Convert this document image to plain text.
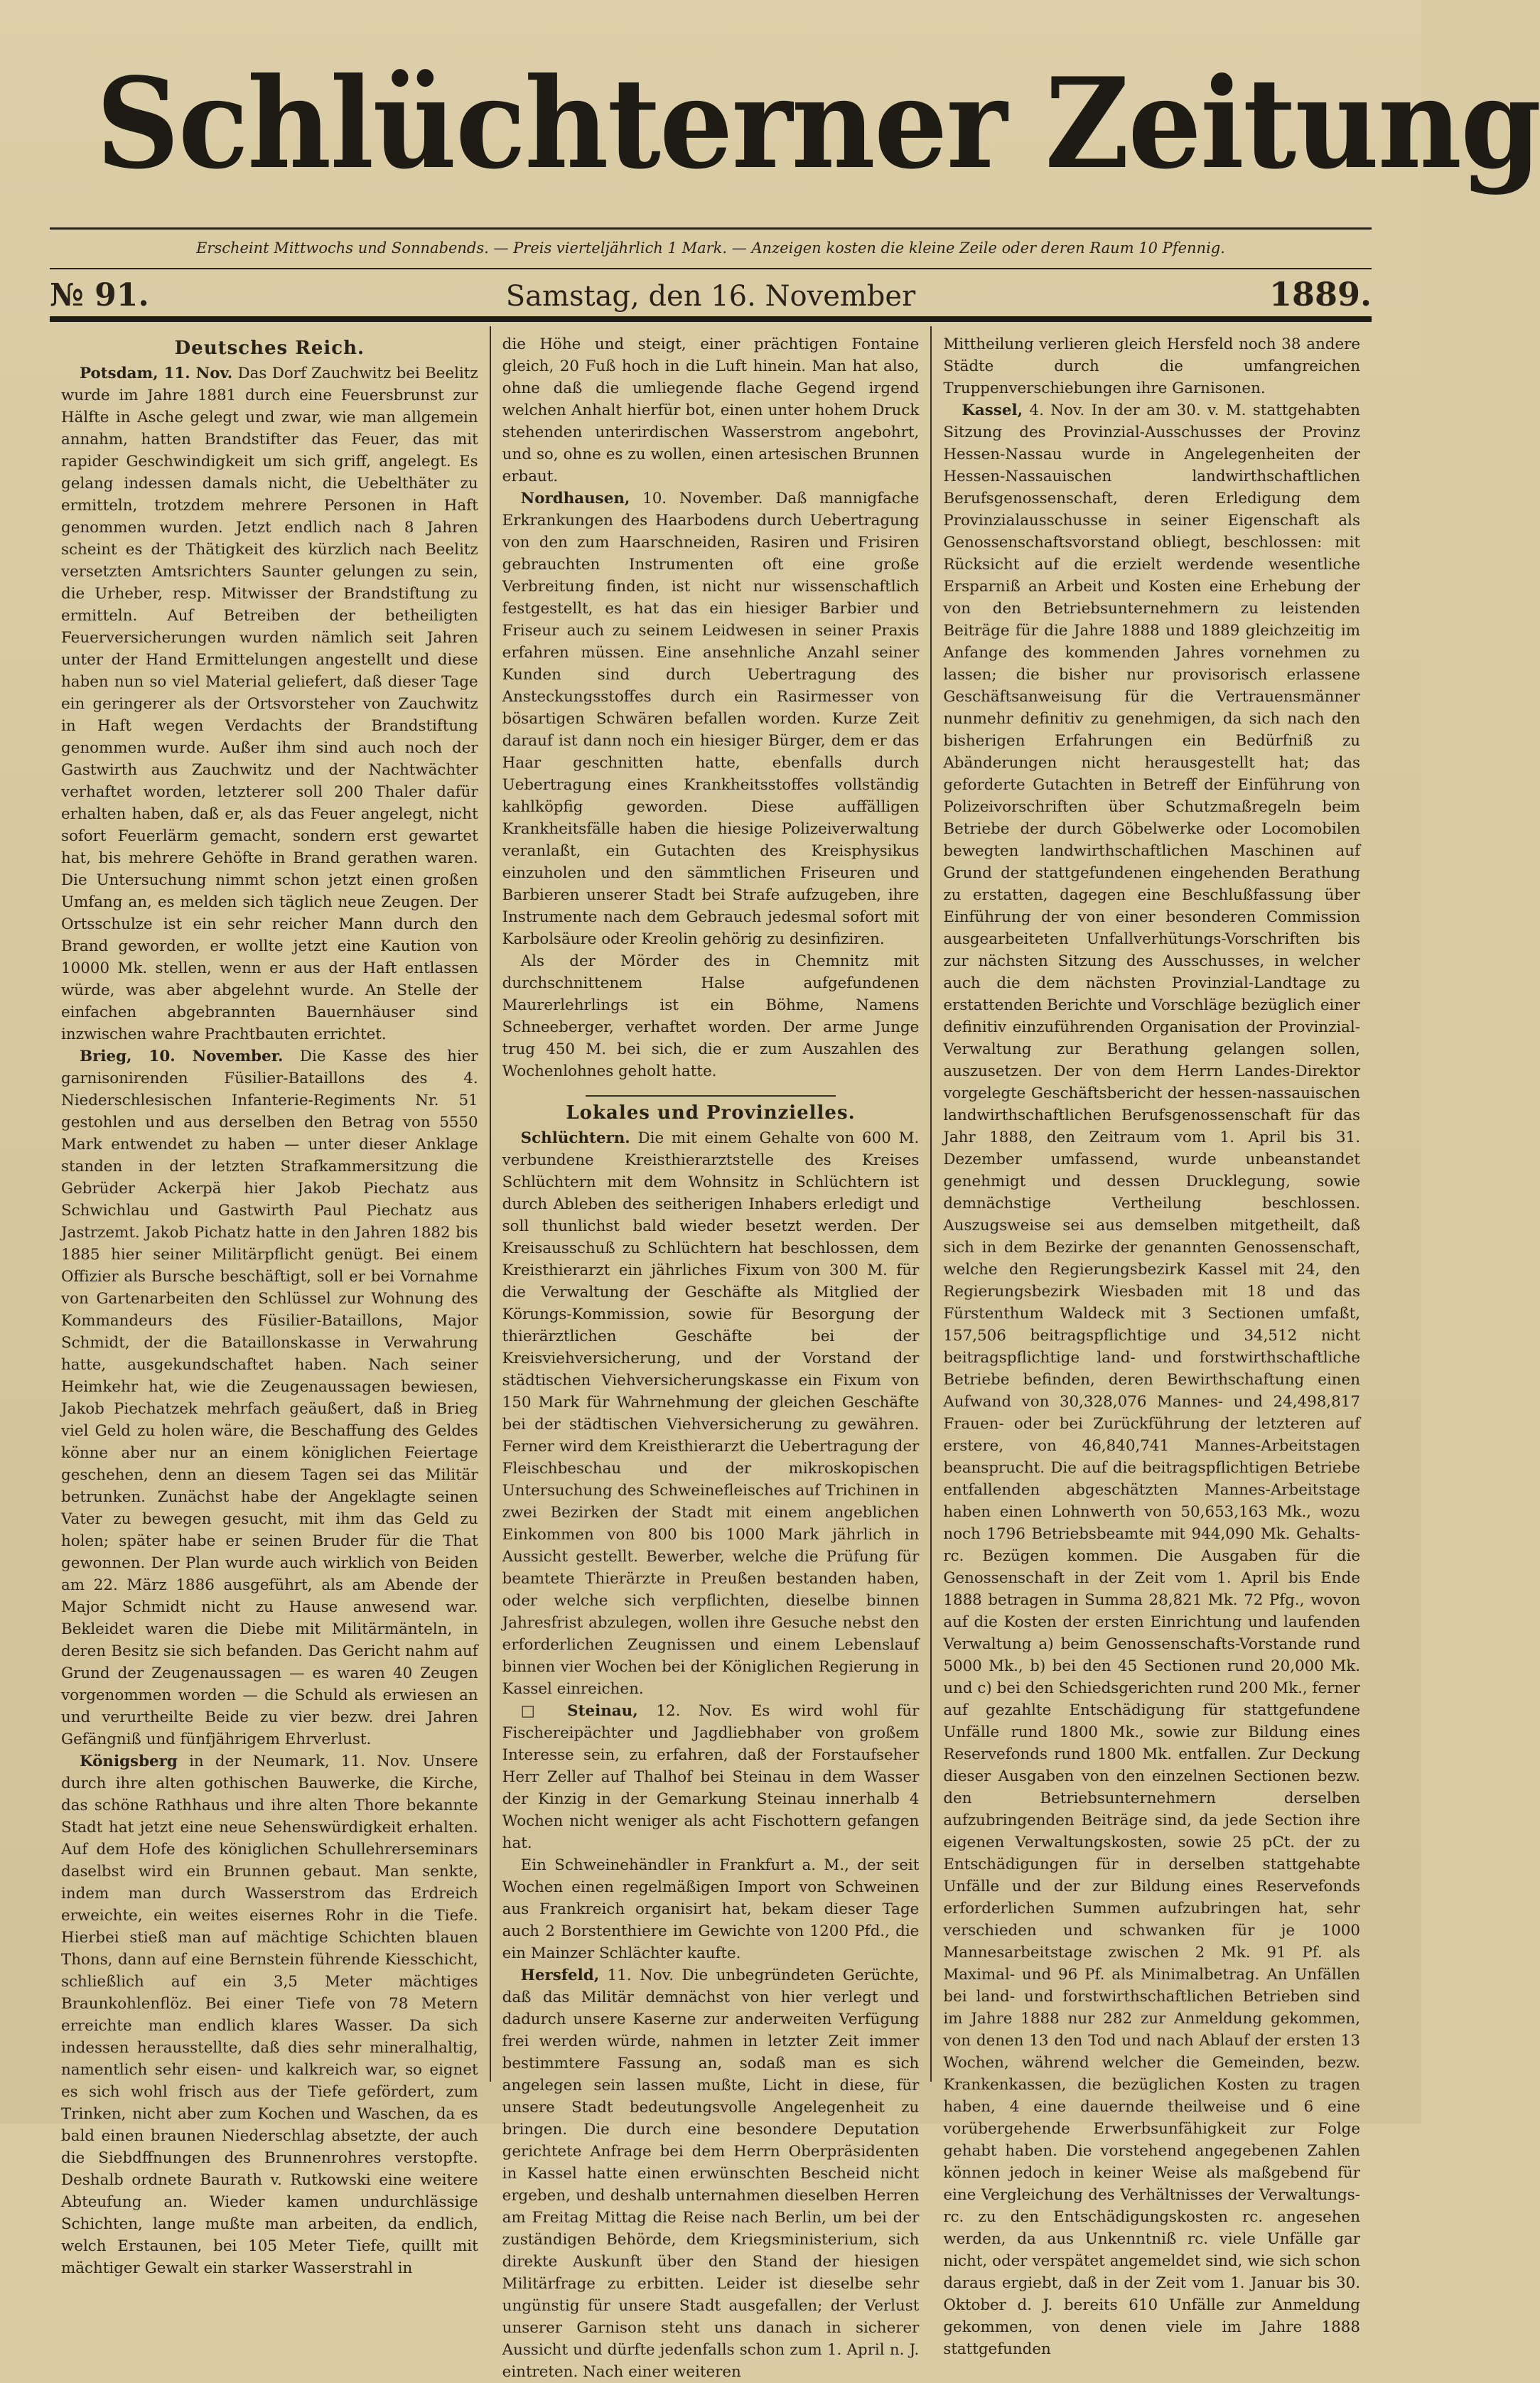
Schlüchterner Zeitung
Erscheint Mittwochs und Sonnabends. — Preis vierteljährlich 1 Mark. — Anzeigen kosten die kleine Zeile oder deren Raum 10 Pfennig.
№ 91.	Samstag, den 16. November	1889.
Deutsches Reich.

Potsdam, 11. Nov. Das Dorf Zauchwitz bei Beelitz wurde im Jahre 1881 durch eine Feuersbrunst zur Hälfte in Asche gelegt und zwar, wie man allgemein annahm, hatten Brandstifter das Feuer, das mit rapider Geschwindigkeit um sich griff, angelegt. Es gelang indessen damals nicht, die Uebelthäter zu ermitteln, trotzdem mehrere Personen in Haft genommen wurden. Jetzt endlich nach 8 Jahren scheint es der Thätigkeit des kürzlich nach Beelitz versetzten Amtsrichters Saunter gelungen zu sein, die Urheber, resp. Mitwisser der Brandstiftung zu ermitteln. Auf Betreiben der betheiligten Feuerversicherungen wurden nämlich seit Jahren unter der Hand Ermittelungen angestellt und diese haben nun so viel Material geliefert, daß dieser Tage ein geringerer als der Ortsvorsteher von Zauchwitz in Haft wegen Verdachts der Brandstiftung genommen wurde. Außer ihm sind auch noch der Gastwirth aus Zauchwitz und der Nachtwächter verhaftet worden, letzterer soll 200 Thaler dafür erhalten haben, daß er, als das Feuer angelegt, nicht sofort Feuerlärm gemacht, sondern erst gewartet hat, bis mehrere Gehöfte in Brand gerathen waren. Die Untersuchung nimmt schon jetzt einen großen Umfang an, es melden sich täglich neue Zeugen. Der Ortsschulze ist ein sehr reicher Mann durch den Brand geworden, er wollte jetzt eine Kaution von 10000 Mk. stellen, wenn er aus der Haft entlassen würde, was aber abgelehnt wurde. An Stelle der einfachen abgebrannten Bauernhäuser sind inzwischen wahre Prachtbauten errichtet.

Brieg, 10. November. Die Kasse des hier garnisonirenden Füsilier-Bataillons des 4. Niederschlesischen Infanterie-Regiments Nr. 51 gestohlen und aus derselben den Betrag von 5550 Mark entwendet zu haben — unter dieser Anklage standen in der letzten Strafkammersitzung die Gebrüder Ackerpä hier Jakob Piechatz aus Schwichlau und Gastwirth Paul Piechatz aus Jastrzemt. Jakob Pichatz hatte in den Jahren 1882 bis 1885 hier seiner Militärpflicht genügt. Bei einem Offizier als Bursche beschäftigt, soll er bei Vornahme von Gartenarbeiten den Schlüssel zur Wohnung des Kommandeurs des Füsilier-Bataillons, Major Schmidt, der die Bataillonskasse in Verwahrung hatte, ausgekundschaftet haben. Nach seiner Heimkehr hat, wie die Zeugenaussagen bewiesen, Jakob Piechatzek mehrfach geäußert, daß in Brieg viel Geld zu holen wäre, die Beschaffung des Geldes könne aber nur an einem königlichen Feiertage geschehen, denn an diesem Tagen sei das Militär betrunken. Zunächst habe der Angeklagte seinen Vater zu bewegen gesucht, mit ihm das Geld zu holen; später habe er seinen Bruder für die That gewonnen. Der Plan wurde auch wirklich von Beiden am 22. März 1886 ausgeführt, als am Abende der Major Schmidt nicht zu Hause anwesend war. Bekleidet waren die Diebe mit Militärmänteln, in deren Besitz sie sich befanden. Das Gericht nahm auf Grund der Zeugenaussagen — es waren 40 Zeugen vorgenommen worden — die Schuld als erwiesen an und verurtheilte Beide zu vier bezw. drei Jahren Gefängniß und fünfjährigem Ehrverlust.

Königsberg in der Neumark, 11. Nov. Unsere durch ihre alten gothischen Bauwerke, die Kirche, das schöne Rathhaus und ihre alten Thore bekannte Stadt hat jetzt eine neue Sehenswürdigkeit erhalten. Auf dem Hofe des königlichen Schullehrerseminars daselbst wird ein Brunnen gebaut. Man senkte, indem man durch Wasserstrom das Erdreich erweichte, ein weites eisernes Rohr in die Tiefe. Hierbei stieß man auf mächtige Schichten blauen Thons, dann auf eine Bernstein führende Kiesschicht, schließlich auf ein 3,5 Meter mächtiges Braunkohlenflöz. Bei einer Tiefe von 78 Metern erreichte man endlich klares Wasser. Da sich indessen herausstellte, daß dies sehr mineralhaltig, namentlich sehr eisen- und kalkreich war, so eignet es sich wohl frisch aus der Tiefe gefördert, zum Trinken, nicht aber zum Kochen und Waschen, da es bald einen braunen Niederschlag absetzte, der auch die Siebdffnungen des Brunnenrohres verstopfte. Deshalb ordnete Baurath v. Rutkowski eine weitere Abteufung an. Wieder kamen undurchlässige Schichten, lange mußte man arbeiten, da endlich, welch Erstaunen, bei 105 Meter Tiefe, quillt mit mächtiger Gewalt ein starker Wasserstrahl in

die Höhe und steigt, einer prächtigen Fontaine gleich, 20 Fuß hoch in die Luft hinein. Man hat also, ohne daß die umliegende flache Gegend irgend welchen Anhalt hierfür bot, einen unter hohem Druck stehenden unterirdischen Wasserstrom angebohrt, und so, ohne es zu wollen, einen artesischen Brunnen erbaut.

Nordhausen, 10. November. Daß mannigfache Erkrankungen des Haarbodens durch Uebertragung von den zum Haarschneiden, Rasiren und Frisiren gebrauchten Instrumenten oft eine große Verbreitung finden, ist nicht nur wissenschaftlich festgestellt, es hat das ein hiesiger Barbier und Friseur auch zu seinem Leidwesen in seiner Praxis erfahren müssen. Eine ansehnliche Anzahl seiner Kunden sind durch Uebertragung des Ansteckungsstoffes durch ein Rasirmesser von bösartigen Schwären befallen worden. Kurze Zeit darauf ist dann noch ein hiesiger Bürger, dem er das Haar geschnitten hatte, ebenfalls durch Uebertragung eines Krankheitsstoffes vollständig kahlköpfig geworden. Diese auffälligen Krankheitsfälle haben die hiesige Polizeiverwaltung veranlaßt, ein Gutachten des Kreisphysikus einzuholen und den sämmtlichen Friseuren und Barbieren unserer Stadt bei Strafe aufzugeben, ihre Instrumente nach dem Gebrauch jedesmal sofort mit Karbolsäure oder Kreolin gehörig zu desinfiziren.

Als der Mörder des in Chemnitz mit durchschnittenem Halse aufgefundenen Maurerlehrlings ist ein Böhme, Namens Schneeberger, verhaftet worden. Der arme Junge trug 450 M. bei sich, die er zum Auszahlen des Wochenlohnes geholt hatte.

Lokales und Provinzielles.

Schlüchtern. Die mit einem Gehalte von 600 M. verbundene Kreisthierarztstelle des Kreises Schlüchtern mit dem Wohnsitz in Schlüchtern ist durch Ableben des seitherigen Inhabers erledigt und soll thunlichst bald wieder besetzt werden. Der Kreisausschuß zu Schlüchtern hat beschlossen, dem Kreisthierarzt ein jährliches Fixum von 300 M. für die Verwaltung der Geschäfte als Mitglied der Körungs-Kommission, sowie für Besorgung der thierärztlichen Geschäfte bei der Kreisviehversicherung, und der Vorstand der städtischen Viehversicherungskasse ein Fixum von 150 Mark für Wahrnehmung der gleichen Geschäfte bei der städtischen Viehversicherung zu gewähren. Ferner wird dem Kreisthierarzt die Uebertragung der Fleischbeschau und der mikroskopischen Untersuchung des Schweinefleisches auf Trichinen in zwei Bezirken der Stadt mit einem angeblichen Einkommen von 800 bis 1000 Mark jährlich in Aussicht gestellt. Bewerber, welche die Prüfung für beamtete Thierärzte in Preußen bestanden haben, oder welche sich verpflichten, dieselbe binnen Jahresfrist abzulegen, wollen ihre Gesuche nebst den erforderlichen Zeugnissen und einem Lebenslauf binnen vier Wochen bei der Königlichen Regierung in Kassel einreichen.

□ Steinau, 12. Nov. Es wird wohl für Fischereipächter und Jagdliebhaber von großem Interesse sein, zu erfahren, daß der Forstaufseher Herr Zeller auf Thalhof bei Steinau in dem Wasser der Kinzig in der Gemarkung Steinau innerhalb 4 Wochen nicht weniger als acht Fischottern gefangen hat.

Ein Schweinehändler in Frankfurt a. M., der seit Wochen einen regelmäßigen Import von Schweinen aus Frankreich organisirt hat, bekam dieser Tage auch 2 Borstenthiere im Gewichte von 1200 Pfd., die ein Mainzer Schlächter kaufte.

Hersfeld, 11. Nov. Die unbegründeten Gerüchte, daß das Militär demnächst von hier verlegt und dadurch unsere Kaserne zur anderweiten Verfügung frei werden würde, nahmen in letzter Zeit immer bestimmtere Fassung an, sodaß man es sich angelegen sein lassen mußte, Licht in diese, für unsere Stadt bedeutungsvolle Angelegenheit zu bringen. Die durch eine besondere Deputation gerichtete Anfrage bei dem Herrn Oberpräsidenten in Kassel hatte einen erwünschten Bescheid nicht ergeben, und deshalb unternahmen dieselben Herren am Freitag Mittag die Reise nach Berlin, um bei der zuständigen Behörde, dem Kriegsministerium, sich direkte Auskunft über den Stand der hiesigen Militärfrage zu erbitten. Leider ist dieselbe sehr ungünstig für unsere Stadt ausgefallen; der Verlust unserer Garnison steht uns danach in sicherer Aussicht und dürfte jedenfalls schon zum 1. April n. J. eintreten. Nach einer weiteren

Mittheilung verlieren gleich Hersfeld noch 38 andere Städte durch die umfangreichen Truppenverschiebungen ihre Garnisonen.

Kassel, 4. Nov. In der am 30. v. M. stattgehabten Sitzung des Provinzial-Ausschusses der Provinz Hessen-Nassau wurde in Angelegenheiten der Hessen-Nassauischen landwirthschaftlichen Berufsgenossenschaft, deren Erledigung dem Provinzialausschusse in seiner Eigenschaft als Genossenschaftsvorstand obliegt, beschlossen: mit Rücksicht auf die erzielt werdende wesentliche Ersparniß an Arbeit und Kosten eine Erhebung der von den Betriebsunternehmern zu leistenden Beiträge für die Jahre 1888 und 1889 gleichzeitig im Anfange des kommenden Jahres vornehmen zu lassen; die bisher nur provisorisch erlassene Geschäftsanweisung für die Vertrauensmänner nunmehr definitiv zu genehmigen, da sich nach den bisherigen Erfahrungen ein Bedürfniß zu Abänderungen nicht herausgestellt hat; das geforderte Gutachten in Betreff der Einführung von Polizeivorschriften über Schutzmaßregeln beim Betriebe der durch Göbelwerke oder Locomobilen bewegten landwirthschaftlichen Maschinen auf Grund der stattgefundenen eingehenden Berathung zu erstatten, dagegen eine Beschlußfassung über Einführung der von einer besonderen Commission ausgearbeiteten Unfallverhütungs-Vorschriften bis zur nächsten Sitzung des Ausschusses, in welcher auch die dem nächsten Provinzial-Landtage zu erstattenden Berichte und Vorschläge bezüglich einer definitiv einzuführenden Organisation der Provinzial-Verwaltung zur Berathung gelangen sollen, auszusetzen. Der von dem Herrn Landes-Direktor vorgelegte Geschäftsbericht der hessen-nassauischen landwirthschaftlichen Berufsgenossenschaft für das Jahr 1888, den Zeitraum vom 1. April bis 31. Dezember umfassend, wurde unbeanstandet genehmigt und dessen Drucklegung, sowie demnächstige Vertheilung beschlossen. Auszugsweise sei aus demselben mitgetheilt, daß sich in dem Bezirke der genannten Genossenschaft, welche den Regierungsbezirk Kassel mit 24, den Regierungsbezirk Wiesbaden mit 18 und das Fürstenthum Waldeck mit 3 Sectionen umfaßt, 157,506 beitragspflichtige und 34,512 nicht beitragspflichtige land- und forstwirthschaftliche Betriebe befinden, deren Bewirthschaftung einen Aufwand von 30,328,076 Mannes- und 24,498,817 Frauen- oder bei Zurückführung der letzteren auf erstere, von 46,840,741 Mannes-Arbeitstagen beansprucht. Die auf die beitragspflichtigen Betriebe entfallenden abgeschätzten Mannes-Arbeitstage haben einen Lohnwerth von 50,653,163 Mk., wozu noch 1796 Betriebsbeamte mit 944,090 Mk. Gehalts- rc. Bezügen kommen. Die Ausgaben für die Genossenschaft in der Zeit vom 1. April bis Ende 1888 betragen in Summa 28,821 Mk. 72 Pfg., wovon auf die Kosten der ersten Einrichtung und laufenden Verwaltung a) beim Genossenschafts-Vorstande rund 5000 Mk., b) bei den 45 Sectionen rund 20,000 Mk. und c) bei den Schiedsgerichten rund 200 Mk., ferner auf gezahlte Entschädigung für stattgefundene Unfälle rund 1800 Mk., sowie zur Bildung eines Reservefonds rund 1800 Mk. entfallen. Zur Deckung dieser Ausgaben von den einzelnen Sectionen bezw. den Betriebsunternehmern derselben aufzubringenden Beiträge sind, da jede Section ihre eigenen Verwaltungskosten, sowie 25 pCt. der zu Entschädigungen für in derselben stattgehabte Unfälle und der zur Bildung eines Reservefonds erforderlichen Summen aufzubringen hat, sehr verschieden und schwanken für je 1000 Mannesarbeitstage zwischen 2 Mk. 91 Pf. als Maximal- und 96 Pf. als Minimalbetrag. An Unfällen bei land- und forstwirthschaftlichen Betrieben sind im Jahre 1888 nur 282 zur Anmeldung gekommen, von denen 13 den Tod und nach Ablauf der ersten 13 Wochen, während welcher die Gemeinden, bezw. Krankenkassen, die bezüglichen Kosten zu tragen haben, 4 eine dauernde theilweise und 6 eine vorübergehende Erwerbsunfähigkeit zur Folge gehabt haben. Die vorstehend angegebenen Zahlen können jedoch in keiner Weise als maßgebend für eine Vergleichung des Verhältnisses der Verwaltungs- rc. zu den Entschädigungskosten rc. angesehen werden, da aus Unkenntniß rc. viele Unfälle gar nicht, oder verspätet angemeldet sind, wie sich schon daraus ergiebt, daß in der Zeit vom 1. Januar bis 30. Oktober d. J. bereits 610 Unfälle zur Anmeldung gekommen, von denen viele im Jahre 1888 stattgefunden
